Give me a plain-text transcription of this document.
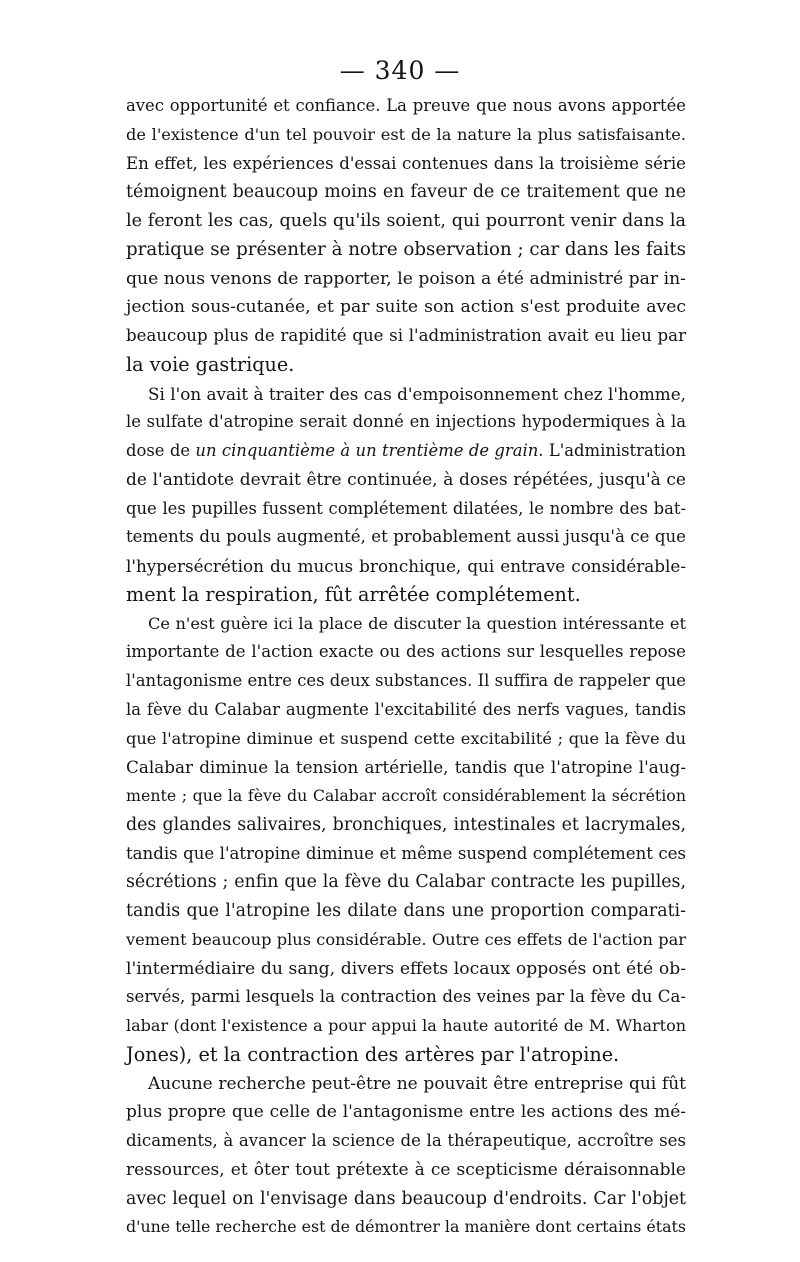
— 340 —
avec opportunité et confiance. La preuve que nous avons apportée
de l'existence d'un tel pouvoir est de la nature la plus satisfaisante.
En effet, les expériences d'essai contenues dans la troisième série
témoignent beaucoup moins en faveur de ce traitement que ne
le feront les cas, quels qu'ils soient, qui pourront venir dans la
pratique se présenter à notre observation ; car dans les faits
que nous venons de rapporter, le poison a été administré par in-
jection sous-cutanée, et par suite son action s'est produite avec
beaucoup plus de rapidité que si l'administration avait eu lieu par
la voie gastrique.
Si l'on avait à traiter des cas d'empoisonnement chez l'homme,
le sulfate d'atropine serait donné en injections hypodermiques à la
dose de un cinquantième à un trentième de grain. L'administration
de l'antidote devrait être continuée, à doses répétées, jusqu'à ce
que les pupilles fussent complétement dilatées, le nombre des bat-
tements du pouls augmenté, et probablement aussi jusqu'à ce que
l'hypersécrétion du mucus bronchique, qui entrave considérable-
ment la respiration, fût arrêtée complétement.
Ce n'est guère ici la place de discuter la question intéressante et
importante de l'action exacte ou des actions sur lesquelles repose
l'antagonisme entre ces deux substances. Il suffira de rappeler que
la fève du Calabar augmente l'excitabilité des nerfs vagues, tandis
que l'atropine diminue et suspend cette excitabilité ; que la fève du
Calabar diminue la tension artérielle, tandis que l'atropine l'aug-
mente ; que la fève du Calabar accroît considérablement la sécrétion
des glandes salivaires, bronchiques, intestinales et lacrymales,
tandis que l'atropine diminue et même suspend complétement ces
sécrétions ; enfin que la fève du Calabar contracte les pupilles,
tandis que l'atropine les dilate dans une proportion comparati-
vement beaucoup plus considérable. Outre ces effets de l'action par
l'intermédiaire du sang, divers effets locaux opposés ont été ob-
servés, parmi lesquels la contraction des veines par la fève du Ca-
labar (dont l'existence a pour appui la haute autorité de M. Wharton
Jones), et la contraction des artères par l'atropine.
Aucune recherche peut-être ne pouvait être entreprise qui fût
plus propre que celle de l'antagonisme entre les actions des mé-
dicaments, à avancer la science de la thérapeutique, accroître ses
ressources, et ôter tout prétexte à ce scepticisme déraisonnable
avec lequel on l'envisage dans beaucoup d'endroits. Car l'objet
d'une telle recherche est de démontrer la manière dont certains états
